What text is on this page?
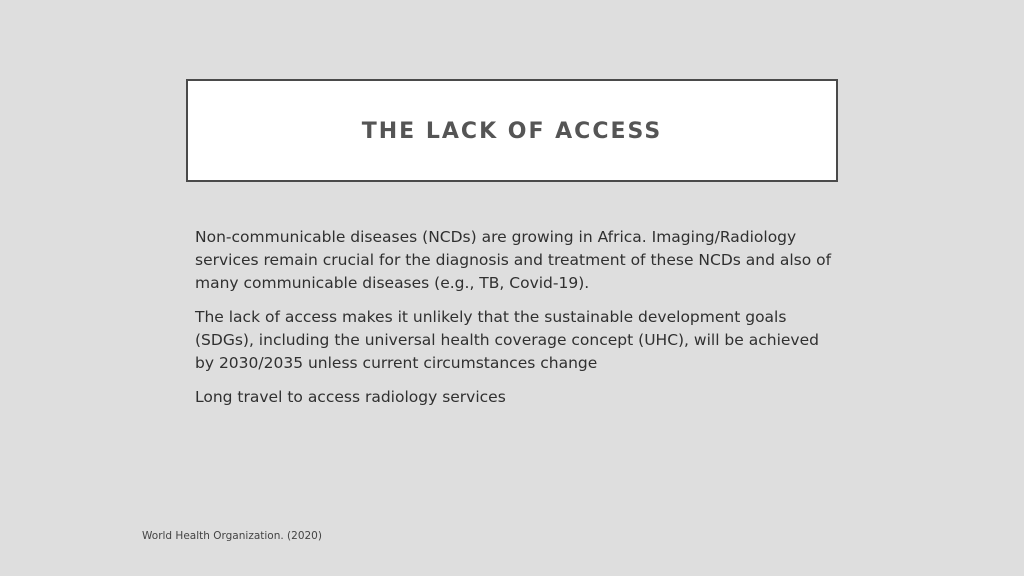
THE LACK OF ACCESS

Non-communicable diseases (NCDs) are growing in Africa. Imaging/Radiology services remain crucial for the diagnosis and treatment of these NCDs and also of many communicable diseases (e.g., TB, Covid-19).

The lack of access makes it unlikely that the sustainable development goals (SDGs), including the universal health coverage concept (UHC), will be achieved by 2030/2035 unless current circumstances change

Long travel to access radiology services

World Health Organization. (2020)
